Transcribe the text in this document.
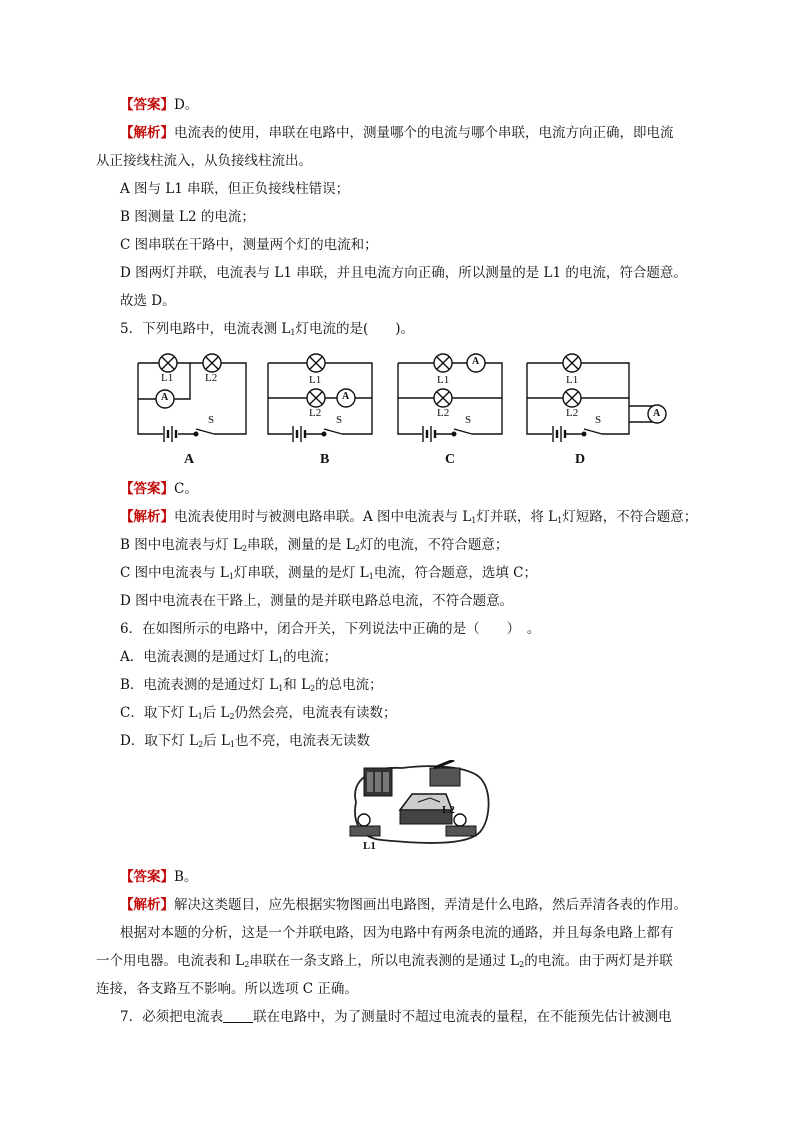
【答案】D。
【解析】电流表的使用，串联在电路中，测量哪个的电流与哪个串联，电流方向正确，即电流
从正接线柱流入，从负接线柱流出。
A 图与 L1 串联，但正负接线柱错误；
B 图测量 L2 的电流；
C 图串联在干路中，测量两个灯的电流和；
D 图两灯并联，电流表与 L1 串联，并且电流方向正确，所以测量的是 L1 的电流，符合题意。
故选 D。
5．下列电路中，电流表测 $L_1$灯电流的是(　　)。
L1	L2
A
S
A
L1
L2
A
S
B
L1
L2
A
S
C
L1
L2	A
S
D
【答案】C。
【解析】电流表使用时与被测电路串联。A 图中电流表与 $L_1$灯并联，将 $L_1$灯短路，不符合题意；
B 图中电流表与灯 $L_2$串联，测量的是 $L_2$灯的电流，不符合题意；
C 图中电流表与 $L_1$灯串联，测量的是灯 $L_1$电流，符合题意，选填 C；
D 图中电流表在干路上，测量的是并联电路总电流，不符合题意。
6．在如图所示的电路中，闭合开关，下列说法中正确的是（　　）　。
A．电流表测的是通过灯 $L_1$的电流；
B．电流表测的是通过灯 $L_1$和 $L_2$的总电流；
C．取下灯 $L_1$后 $L_2$仍然会亮，电流表有读数；
D．取下灯 $L_2$后 $L_1$也不亮，电流表无读数
L1
L2
【答案】B。
【解析】解决这类题目，应先根据实物图画出电路图，弄清是什么电路，然后弄清各表的作用。
根据对本题的分析，这是一个并联电路，因为电路中有两条电流的通路，并且每条电路上都有
一个用电器。电流表和 $L_2$串联在一条支路上，所以电流表测的是通过 $L_2$的电流。由于两灯是并联
连接，各支路互不影响。所以选项 C 正确。
7．必须把电流表 联在电路中，为了测量时不超过电流表的量程，在不能预先估计被测电
